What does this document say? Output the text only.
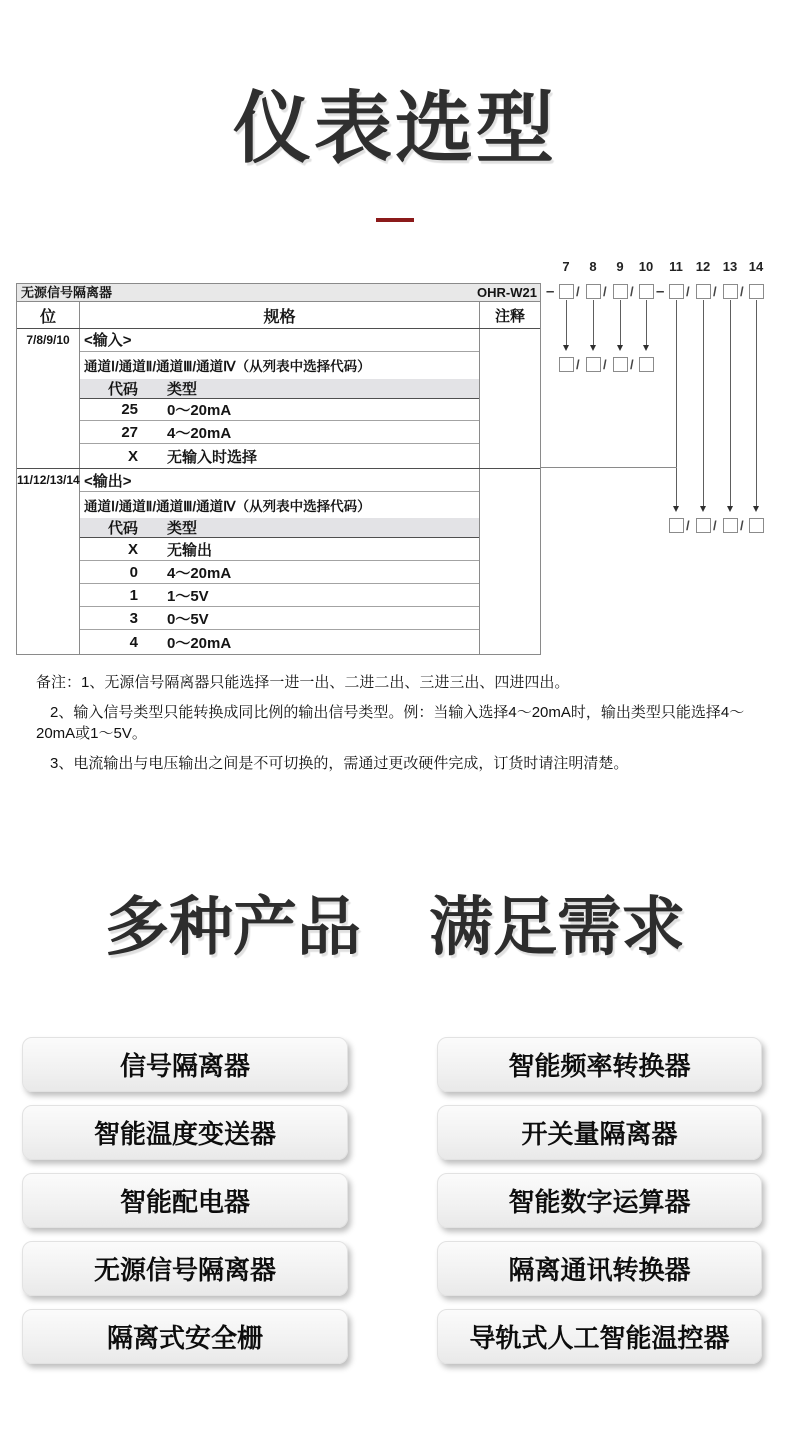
仪表选型
无源信号隔离器	OHR-W21
位	规格	注释
7/8/9/10 <输入>
通道Ⅰ/通道Ⅱ/通道Ⅲ/通道Ⅳ（从列表中选择代码）
代码 类型
25 0～20mA
27 4～20mA
X 无输入时选择
11/12/13/14 <输出>
通道Ⅰ/通道Ⅱ/通道Ⅲ/通道Ⅳ（从列表中选择代码）
代码 类型
X 无输出
0 4～20mA
1 1～5V
3 0～5V
4 0～20mA
7	8	9	10	11 12 13 14
–	–
/ / /	/ / /
/ / /
/ / /

备注：1、无源信号隔离器只能选择一进一出、二进二出、三进三出、四进四出。

2、输入信号类型只能转换成同比例的输出信号类型。例：当输入选择4～20mA时，输出类型只能选择4～20mA或1～5V。

3、电流输出与电压输出之间是不可切换的，需通过更改硬件完成，订货时请注明清楚。

多种产品 满足需求
信号隔离器	智能频率转换器
智能温度变送器	开关量隔离器
智能配电器	智能数字运算器
无源信号隔离器	隔离通讯转换器
隔离式安全栅	导轨式人工智能温控器
